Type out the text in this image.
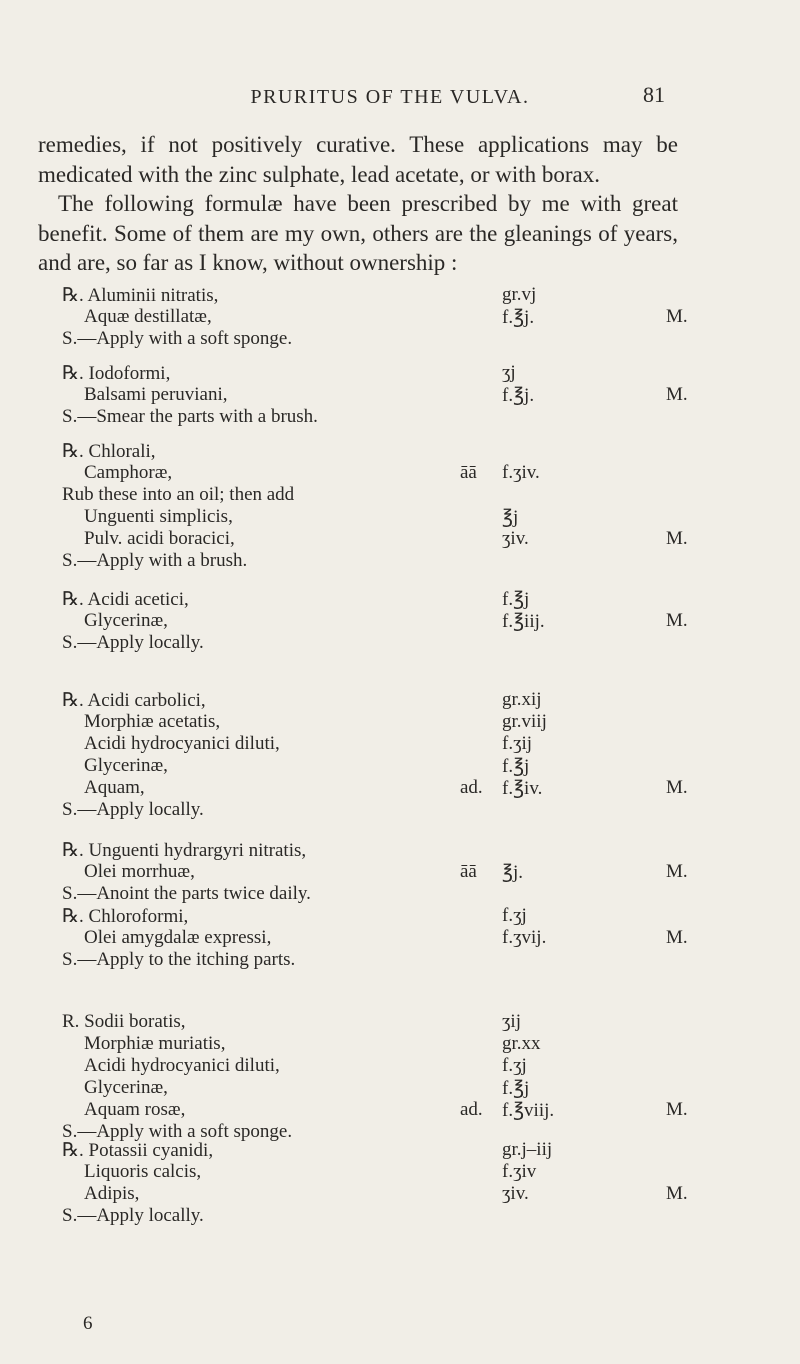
PRURITUS OF THE VULVA.	81

remedies, if not positively curative. These applications may be medicated with the zinc sulphate, lead acetate, or with borax.

The following formulæ have been prescribed by me with great benefit. Some of them are my own, others are the gleanings of years, and are, so far as I know, without ownership :

℞. Aluminii nitratis,	gr.vj
Aquæ destillatæ,	f.℥j.	M.
S.—Apply with a soft sponge.
℞. Iodoformi,	ʒj
Balsami peruviani,	f.℥j.	M.
S.—Smear the parts with a brush.
℞. Chlorali,
Camphoræ,	āā f.ʒiv.
Rub these into an oil; then add
Unguenti simplicis,	℥j
Pulv. acidi boracici,	ʒiv.	M.
S.—Apply with a brush.
℞. Acidi acetici,	f.℥j
Glycerinæ,	f.℥iij.	M.
S.—Apply locally.
℞. Acidi carbolici,	gr.xij
Morphiæ acetatis,	gr.viij
Acidi hydrocyanici diluti,	f.ʒij
Glycerinæ,	f.℥j
Aquam,	ad. f.℥iv.	M.
S.—Apply locally.
℞. Unguenti hydrargyri nitratis,
Olei morrhuæ,	āā ℥j.	M.
S.—Anoint the parts twice daily.
℞. Chloroformi,	f.ʒj
Olei amygdalæ expressi,	f.ʒvij.	M.
S.—Apply to the itching parts.
R. Sodii boratis,	ʒij
Morphiæ muriatis,	gr.xx
Acidi hydrocyanici diluti,	f.ʒj
Glycerinæ,	f.℥j
Aquam rosæ,	ad. f.℥viij.	M.
S.—Apply with a soft sponge.
℞. Potassii cyanidi,	gr.j–iij
Liquoris calcis,	f.ʒiv
Adipis,	ʒiv.	M.
S.—Apply locally.
6
